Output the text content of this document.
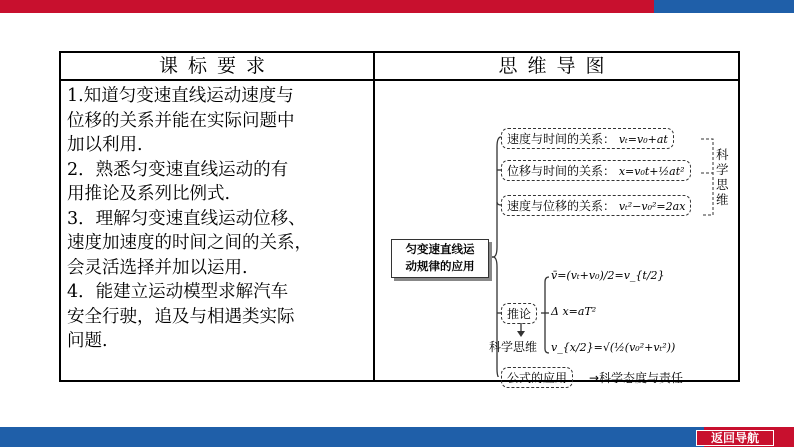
课标要求	思维导图

1.知道匀变速直线运动速度与

位移的关系并能在实际问题中

加以利用.

2．熟悉匀变速直线运动的有

用推论及系列比例式.

3．理解匀变速直线运动位移、

速度加速度的时间之间的关系，

会灵活选择并加以运用.

4．能建立运动模型求解汽车

安全行驶，追及与相遇类实际

问题.

匀变速直线运
动规律的应用
速度与时间的关系： vₜ=v₀+at
位移与时间的关系： x=v₀t+½at²
速度与位移的关系： vₜ²−v₀²=2ax
科学思维
推论
v̄=(vₜ+v₀)/2=v_{t/2}
Δ x=aT²
v_{x/2}=√(½(v₀²+vₜ²))
科学思维
公式的应用	→科学态度与责任
返回导航
